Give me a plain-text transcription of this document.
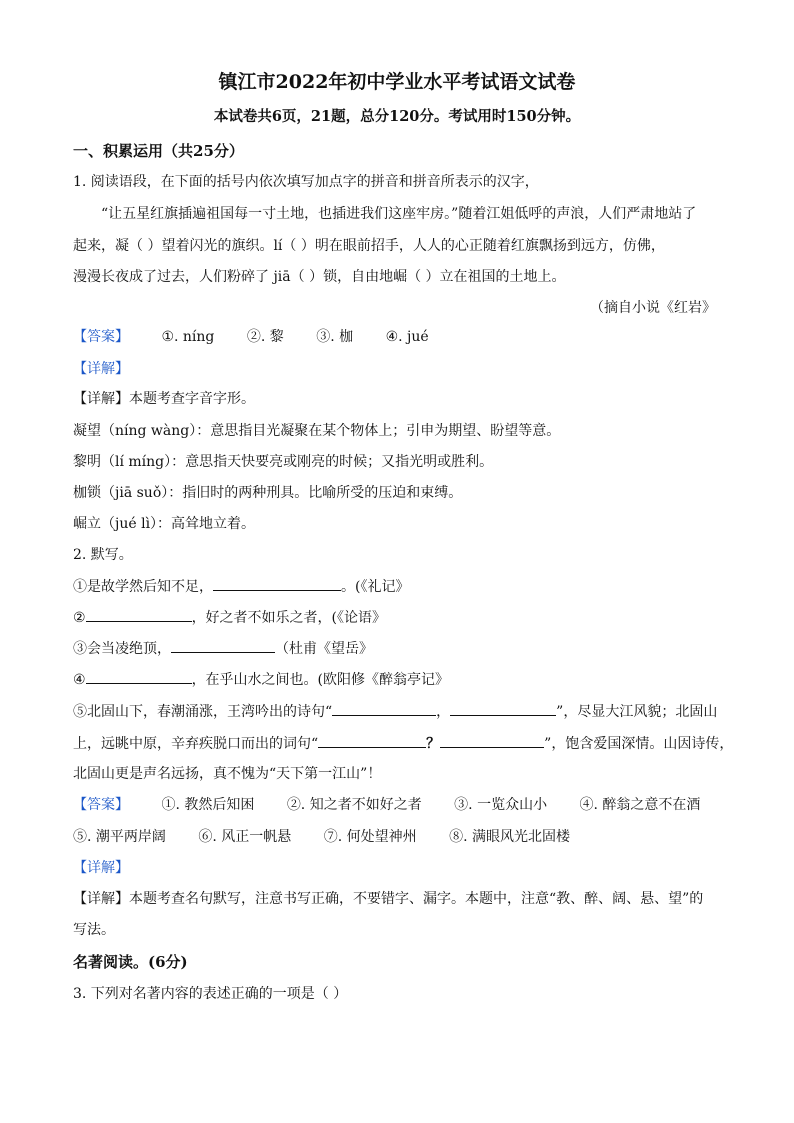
镇江市2022年初中学业水平考试语文试卷
本试卷共6页，21题，总分120分。考试用时150分钟。
一、积累运用（共25分）
1. 阅读语段，在下面的括号内依次填写加点字的拼音和拼音所表示的汉字，
“让五星红旗插遍祖国每一寸土地，也插进我们这座牢房。”随着江姐低呼的声浪，人们严肃地站了
起来，凝（ ）望着闪光的旗织。lí（ ）明在眼前招手，人人的心正随着红旗飘扬到远方，仿佛，
漫漫长夜成了过去，人们粉碎了 jiā（ ）锁，自由地崛（ ）立在祖国的土地上。
（摘自小说《红岩》
【答案】 ①. níng ②. 黎 ③. 枷 ④. jué
【详解】
【详解】本题考查字音字形。
凝望（níng wàng）：意思指目光凝聚在某个物体上；引申为期望、盼望等意。
黎明（lí míng）：意思指天快要亮或刚亮的时候；又指光明或胜利。
枷锁（jiā suǒ）：指旧时的两种刑具。比喻所受的压迫和束缚。
崛立（jué lì）：高耸地立着。
2. 默写。
①是故学然后知不足，	。(《礼记》
②	，好之者不如乐之者，(《论语》
③会当凌绝顶，	（杜甫《望岳》
④	，在乎山水之间也。(欧阳修《醉翁亭记》
⑤北固山下，春潮涌涨，王湾吟出的诗句“	，	”，尽显大江风貌；北固山
上，远眺中原，辛弃疾脱口而出的词句“	？	”，饱含爱国深情。山因诗传，
北固山更是声名远扬，真不愧为“天下第一江山”！
【答案】 ①. 教然后知困 ②. 知之者不如好之者 ③. 一览众山小 ④. 醉翁之意不在酒
⑤. 潮平两岸阔 ⑥. 风正一帆悬 ⑦. 何处望神州 ⑧. 满眼风光北固楼
【详解】
【详解】本题考查名句默写，注意书写正确，不要错字、漏字。本题中，注意“教、醉、阔、悬、望”的
写法。
名著阅读。(6分)
3. 下列对名著内容的表述正确的一项是（ ）
